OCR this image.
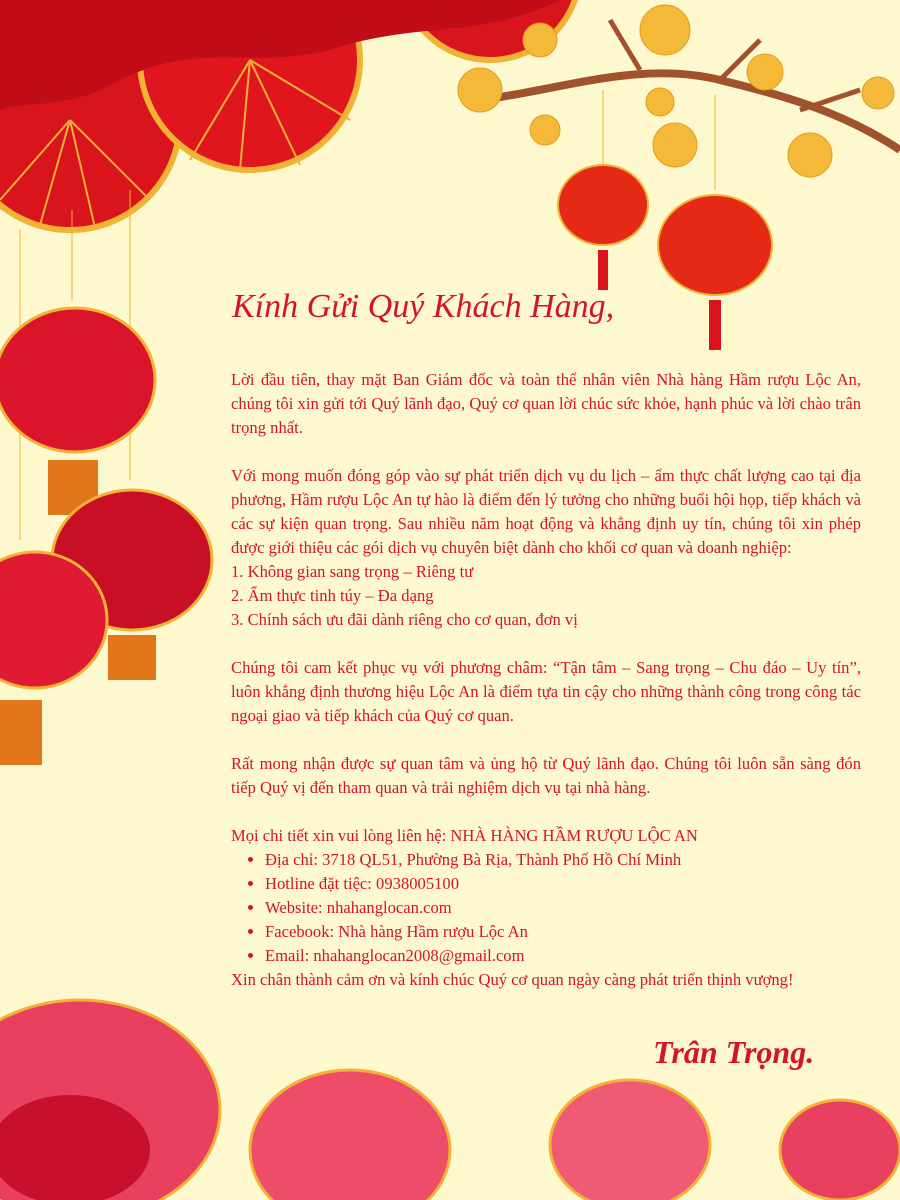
Kính Gửi Quý Khách Hàng,

Lời đầu tiên, thay mặt Ban Giám đốc và toàn thể nhân viên Nhà hàng Hầm rượu Lộc An, chúng tôi xin gửi tới Quý lãnh đạo, Quý cơ quan lời chúc sức khỏe, hạnh phúc và lời chào trân trọng nhất.

Với mong muốn đóng góp vào sự phát triển dịch vụ du lịch – ẩm thực chất lượng cao tại địa phương, Hầm rượu Lộc An tự hào là điểm đến lý tưởng cho những buổi hội họp, tiếp khách và các sự kiện quan trọng. Sau nhiều năm hoạt động và khẳng định uy tín, chúng tôi xin phép được giới thiệu các gói dịch vụ chuyên biệt dành cho khối cơ quan và doanh nghiệp:

1. Không gian sang trọng – Riêng tư
2. Ẩm thực tinh túy – Đa dạng
3. Chính sách ưu đãi dành riêng cho cơ quan, đơn vị

Chúng tôi cam kết phục vụ với phương châm: “Tận tâm – Sang trọng – Chu đáo – Uy tín”, luôn khẳng định thương hiệu Lộc An là điểm tựa tin cậy cho những thành công trong công tác ngoại giao và tiếp khách của Quý cơ quan.

Rất mong nhận được sự quan tâm và ủng hộ từ Quý lãnh đạo. Chúng tôi luôn sẵn sàng đón tiếp Quý vị đến tham quan và trải nghiệm dịch vụ tại nhà hàng.

Mọi chi tiết xin vui lòng liên hệ: NHÀ HÀNG HẦM RƯỢU LỘC AN
• Địa chỉ: 3718 QL51, Phường Bà Rịa, Thành Phố Hồ Chí Minh
• Hotline đặt tiệc: 0938005100
• Website: nhahanglocan.com
• Facebook: Nhà hàng Hầm rượu Lộc An
• Email: nhahanglocan2008@gmail.com
Xin chân thành cảm ơn và kính chúc Quý cơ quan ngày càng phát triển thịnh vượng!
Trân Trọng.
